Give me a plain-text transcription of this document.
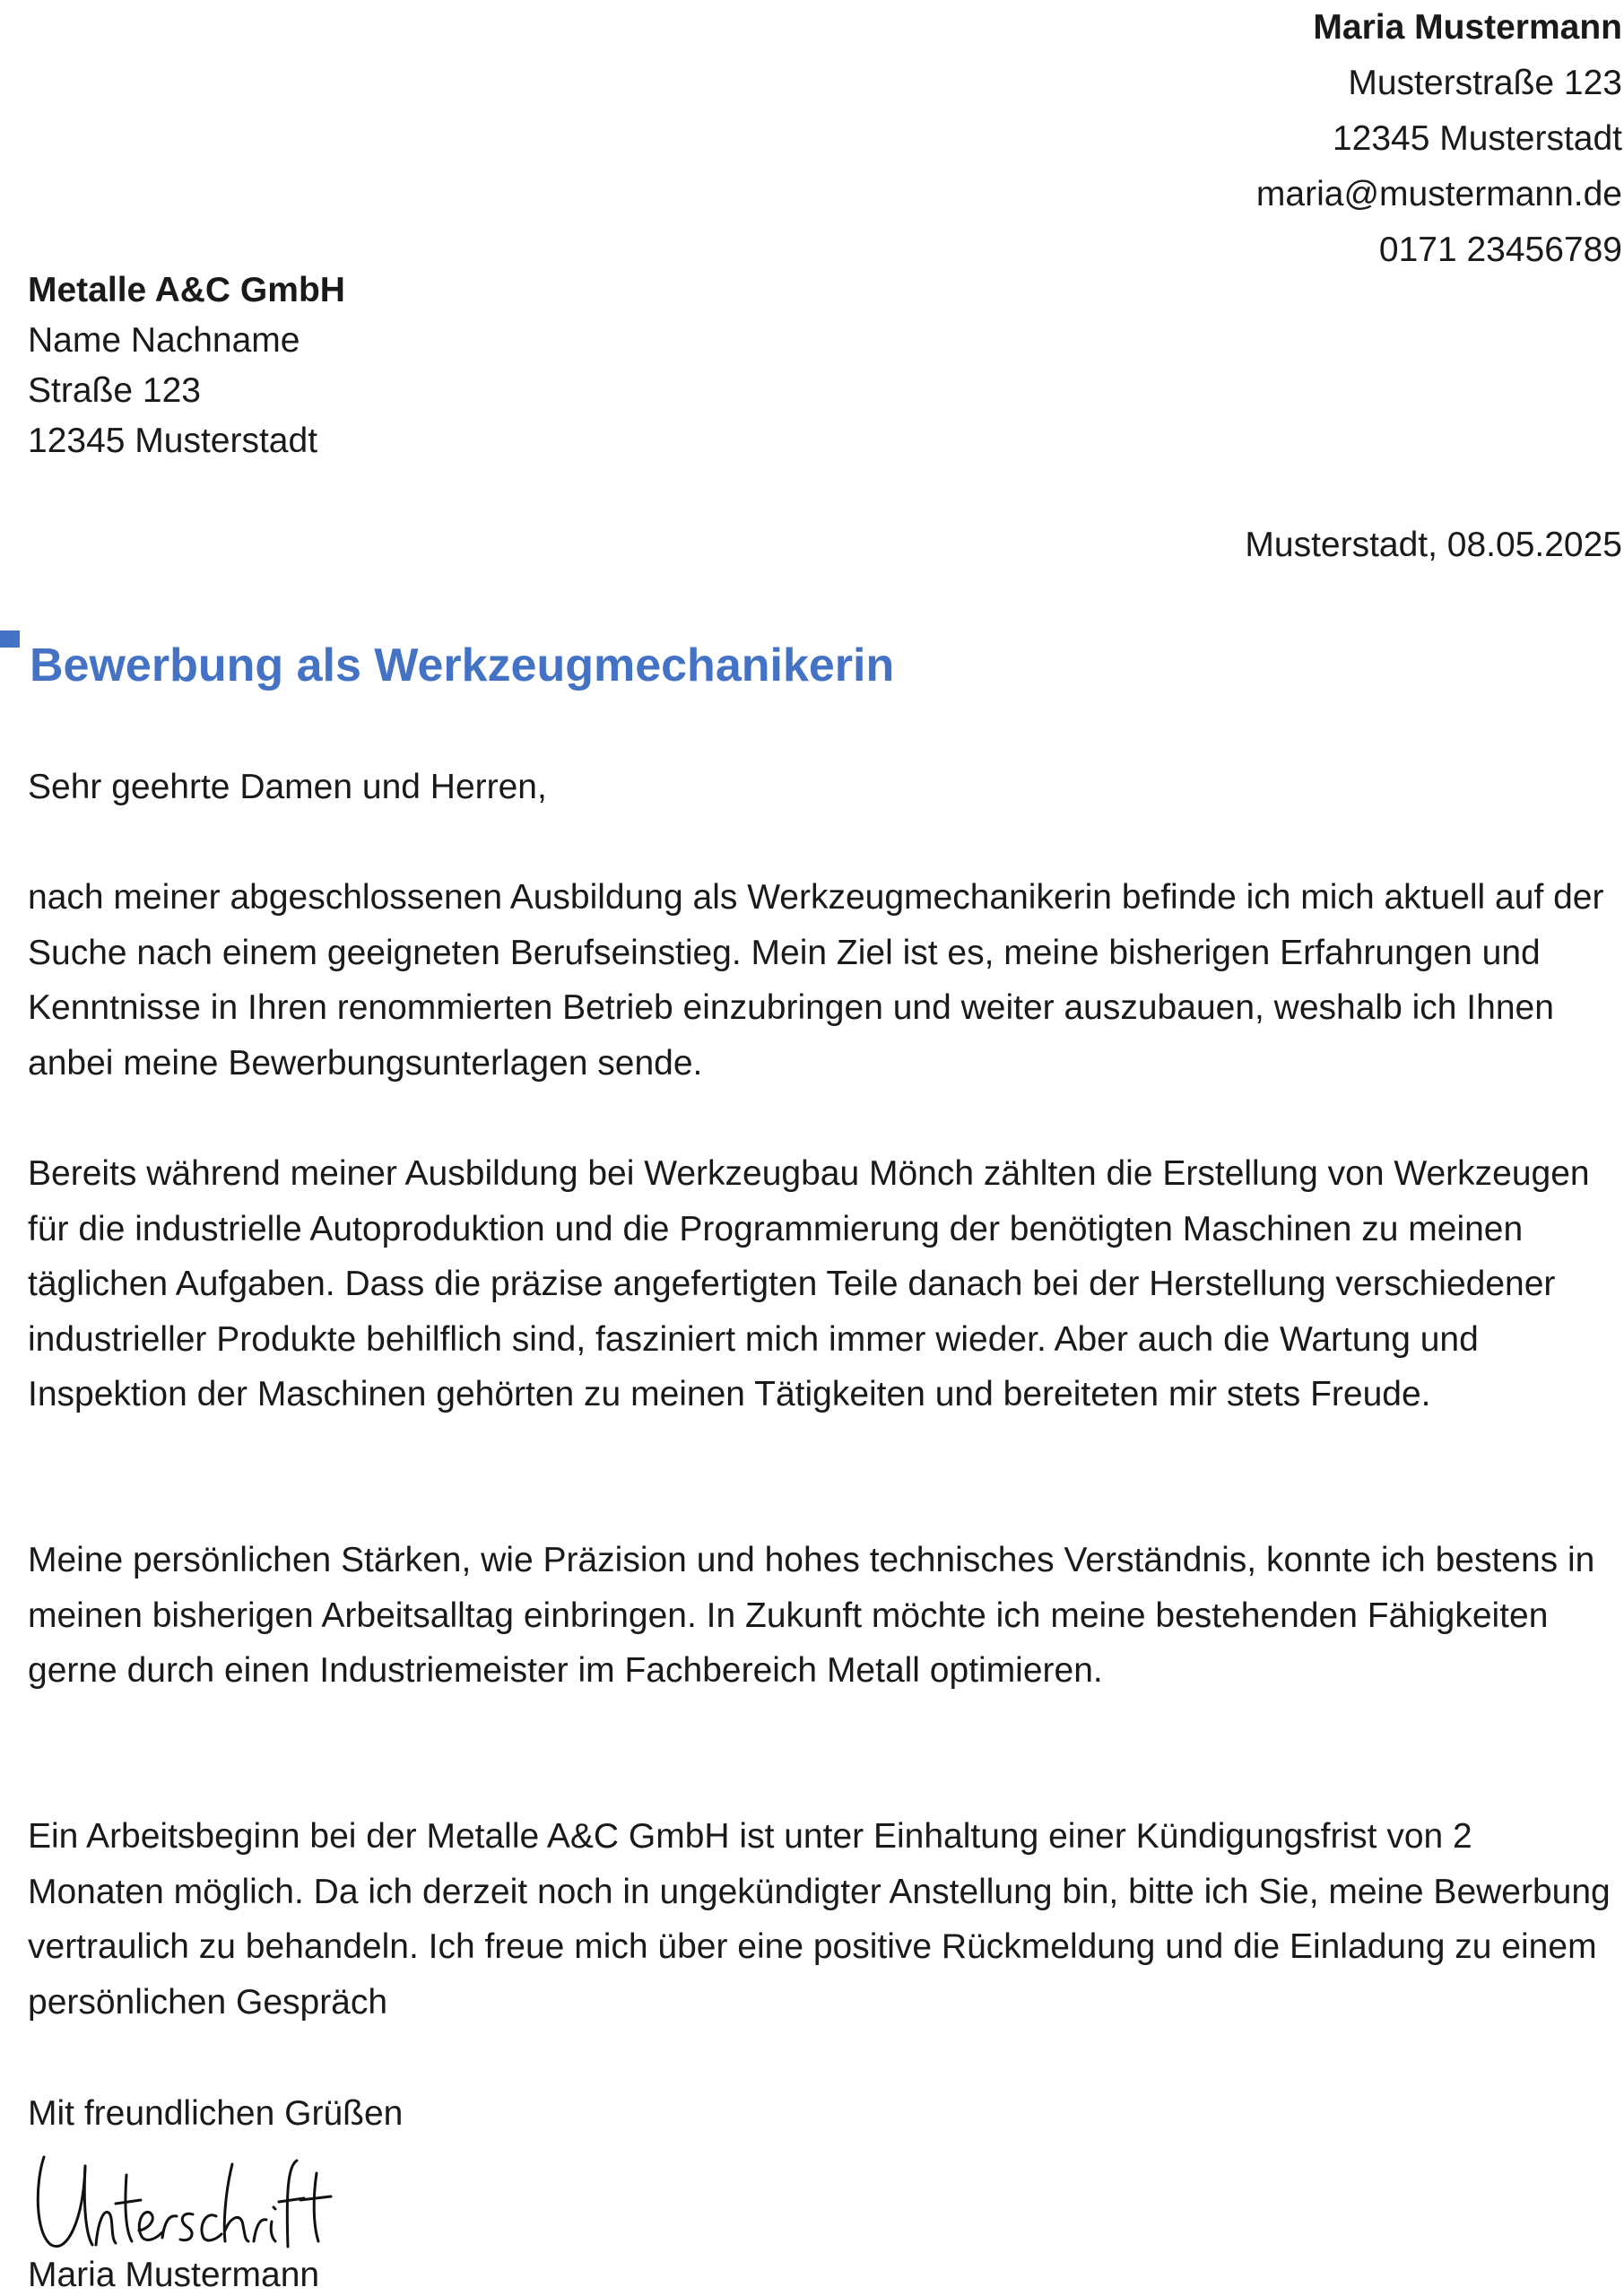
Maria Mustermann
Musterstraße 123
12345 Musterstadt
maria@mustermann.de
0171 23456789
Metalle A&C GmbH
Name Nachname
Straße 123
12345 Musterstadt
Musterstadt, 08.05.2025
Bewerbung als Werkzeugmechanikerin

Sehr geehrte Damen und Herren,

nach meiner abgeschlossenen Ausbildung als Werkzeugmechanikerin befinde ich mich aktuell auf der Suche nach einem geeigneten Berufseinstieg. Mein Ziel ist es, meine bisherigen Erfahrungen und Kenntnisse in Ihren renommierten Betrieb einzubringen und weiter auszubauen, weshalb ich Ihnen anbei meine Bewerbungsunterlagen sende.

Bereits während meiner Ausbildung bei Werkzeugbau Mönch zählten die Erstellung von Werkzeugen für die industrielle Autoproduktion und die Programmierung der benötigten Maschinen zu meinen täglichen Aufgaben. Dass die präzise angefertigten Teile danach bei der Herstellung verschiedener industrieller Produkte behilflich sind, fasziniert mich immer wieder. Aber auch die Wartung und Inspektion der Maschinen gehörten zu meinen Tätigkeiten und bereiteten mir stets Freude.

Meine persönlichen Stärken, wie Präzision und hohes technisches Verständnis, konnte ich bestens in meinen bisherigen Arbeitsalltag einbringen. In Zukunft möchte ich meine bestehenden Fähigkeiten gerne durch einen Industriemeister im Fachbereich Metall optimieren.

Ein Arbeitsbeginn bei der Metalle A&C GmbH ist unter Einhaltung einer Kündigungsfrist von 2 Monaten möglich. Da ich derzeit noch in ungekündigter Anstellung bin, bitte ich Sie, meine Bewerbung vertraulich zu behandeln. Ich freue mich über eine positive Rückmeldung und die Einladung zu einem persönlichen Gespräch

Mit freundlichen Grüßen

Maria Mustermann
